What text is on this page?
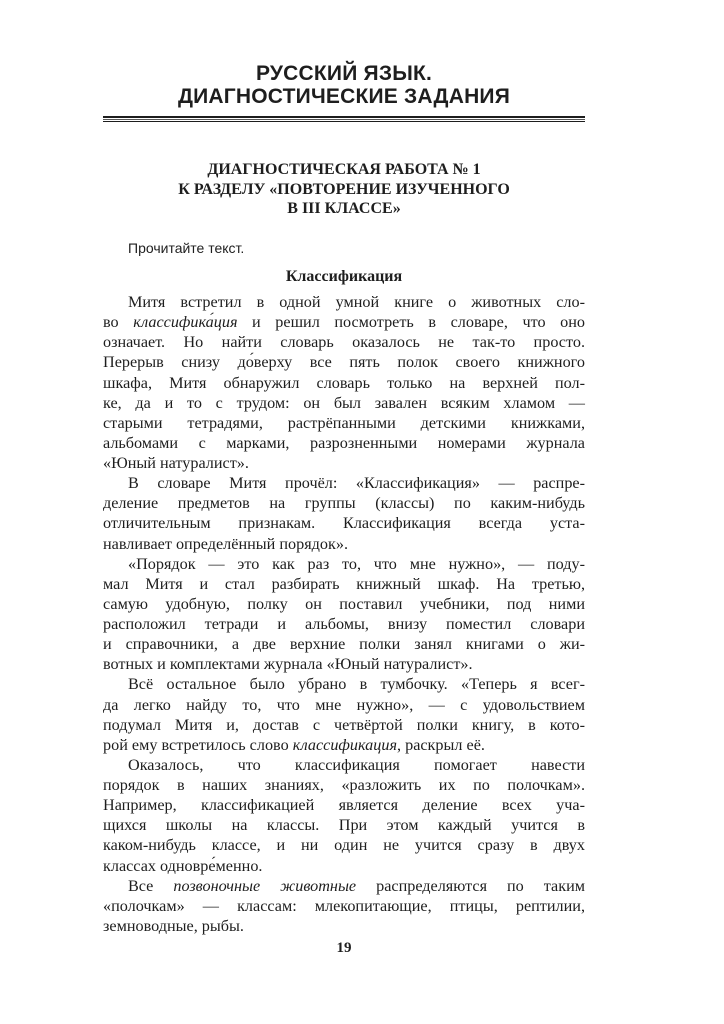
РУССКИЙ ЯЗЫК.
ДИАГНОСТИЧЕСКИЕ ЗАДАНИЯ
ДИАГНОСТИЧЕСКАЯ РАБОТА № 1
К РАЗДЕЛУ «ПОВТОРЕНИЕ ИЗУЧЕННОГО
В III КЛАССЕ»
Прочитайте текст.
Классификация
Митя встретил в одной умной книге о животных сло-
во классифика́ция и решил посмотреть в словаре, что оно
означает. Но найти словарь оказалось не так-то просто.
Перерыв снизу до́верху все пять полок своего книжного
шкафа, Митя обнаружил словарь только на верхней пол-
ке, да и то с трудом: он был завален всяким хламом —
старыми тетрадями, растрёпанными детскими книжками,
альбомами с марками, разрозненными номерами журнала
«Юный натуралист».
В словаре Митя прочёл: «Классификация» — распре-
деление предметов на группы (классы) по каким-нибудь
отличительным признакам. Классификация всегда уста-
навливает определённый порядок».
«Порядок — это как раз то, что мне нужно», — поду-
мал Митя и стал разбирать книжный шкаф. На третью,
самую удобную, полку он поставил учебники, под ними
расположил тетради и альбомы, внизу поместил словари
и справочники, а две верхние полки занял книгами о жи-
вотных и комплектами журнала «Юный натуралист».
Всё остальное было убрано в тумбочку. «Теперь я всег-
да легко найду то, что мне нужно», — с удовольствием
подумал Митя и, достав с четвёртой полки книгу, в кото-
рой ему встретилось слово классификация, раскрыл её.
Оказалось, что классификация помогает навести
порядок в наших знаниях, «разложить их по полочкам».
Например, классификацией является деление всех уча-
щихся школы на классы. При этом каждый учится в
каком-нибудь классе, и ни один не учится сразу в двух
классах одновре́менно.
Все позвоночные животные распределяются по таким
«полочкам» — классам: млекопитающие, птицы, рептилии,
земноводные, рыбы.
19
